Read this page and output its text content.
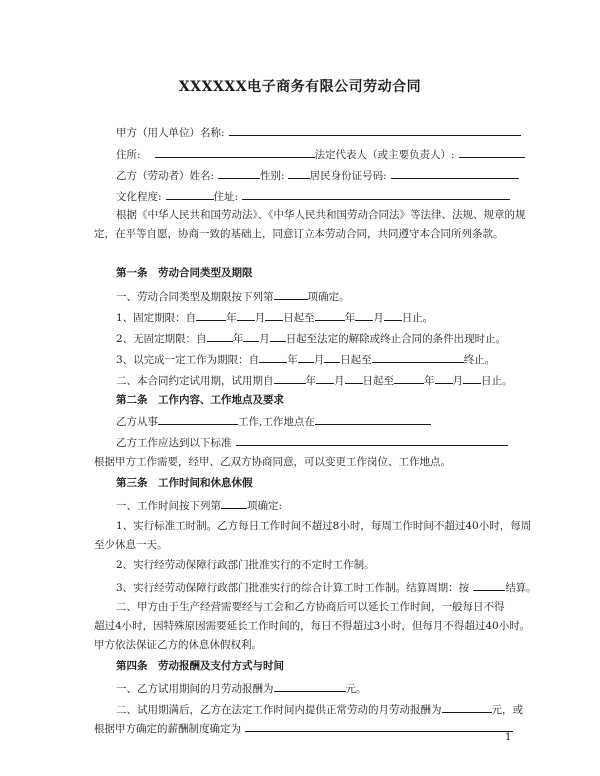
XXXXXX电子商务有限公司劳动合同
甲方（用人单位）名称:
住所:	法定代表人（或主要负责人）:
乙方（劳动者）姓名:	性别: 居民身份证号码:
文化程度:	住址:
根据《中华人民共和国劳动法》、《中华人民共和国劳动合同法》等法律、法规、规章的规
定，在平等自愿，协商一致的基础上，同意订立本劳动合同，共同遵守本合同所列条款。
第一条　劳动合同类型及期限
一、劳动合同类型及期限按下列第	项确定。
1、固定期限：自	年 月 日起至	年 月 日止。
2、无固定期限：自 年 月 日起至法定的解除或终止合同的条件出现时止。
3、以完成一定工作为期限：自	年 月 日起至	终止。
二、本合同约定试用期，试用期自	年 月 日起至	年 月 日止。
第二条　工作内容、工作地点及要求
乙方从事	工作,工作地点在
乙方工作应达到以下标准
根据甲方工作需要，经甲、乙双方协商同意，可以变更工作岗位、工作地点。
第三条　工作时间和休息休假
一、工作时间按下列第 项确定:
1、实行标准工时制。乙方每日工作时间不超过8小时，每周工作时间不超过40小时，每周
至少休息一天。
2、实行经劳动保障行政部门批准实行的不定时工作制。
3、实行经劳动保障行政部门批准实行的综合计算工时工作制。结算周期：按	结算。
二、甲方由于生产经营需要经与工会和乙方协商后可以延长工作时间，一般每日不得
超过4小时，因特殊原因需要延长工作时间的，每日不得超过3小时，但每月不得超过40小时。
甲方依法保证乙方的休息休假权利。
第四条　劳动报酬及支付方式与时间
一、乙方试用期间的月劳动报酬为	元。
二、试用期满后，乙方在法定工作时间内提供正常劳动的月劳动报酬为	元，或
根据甲方确定的薪酬制度确定为
1
